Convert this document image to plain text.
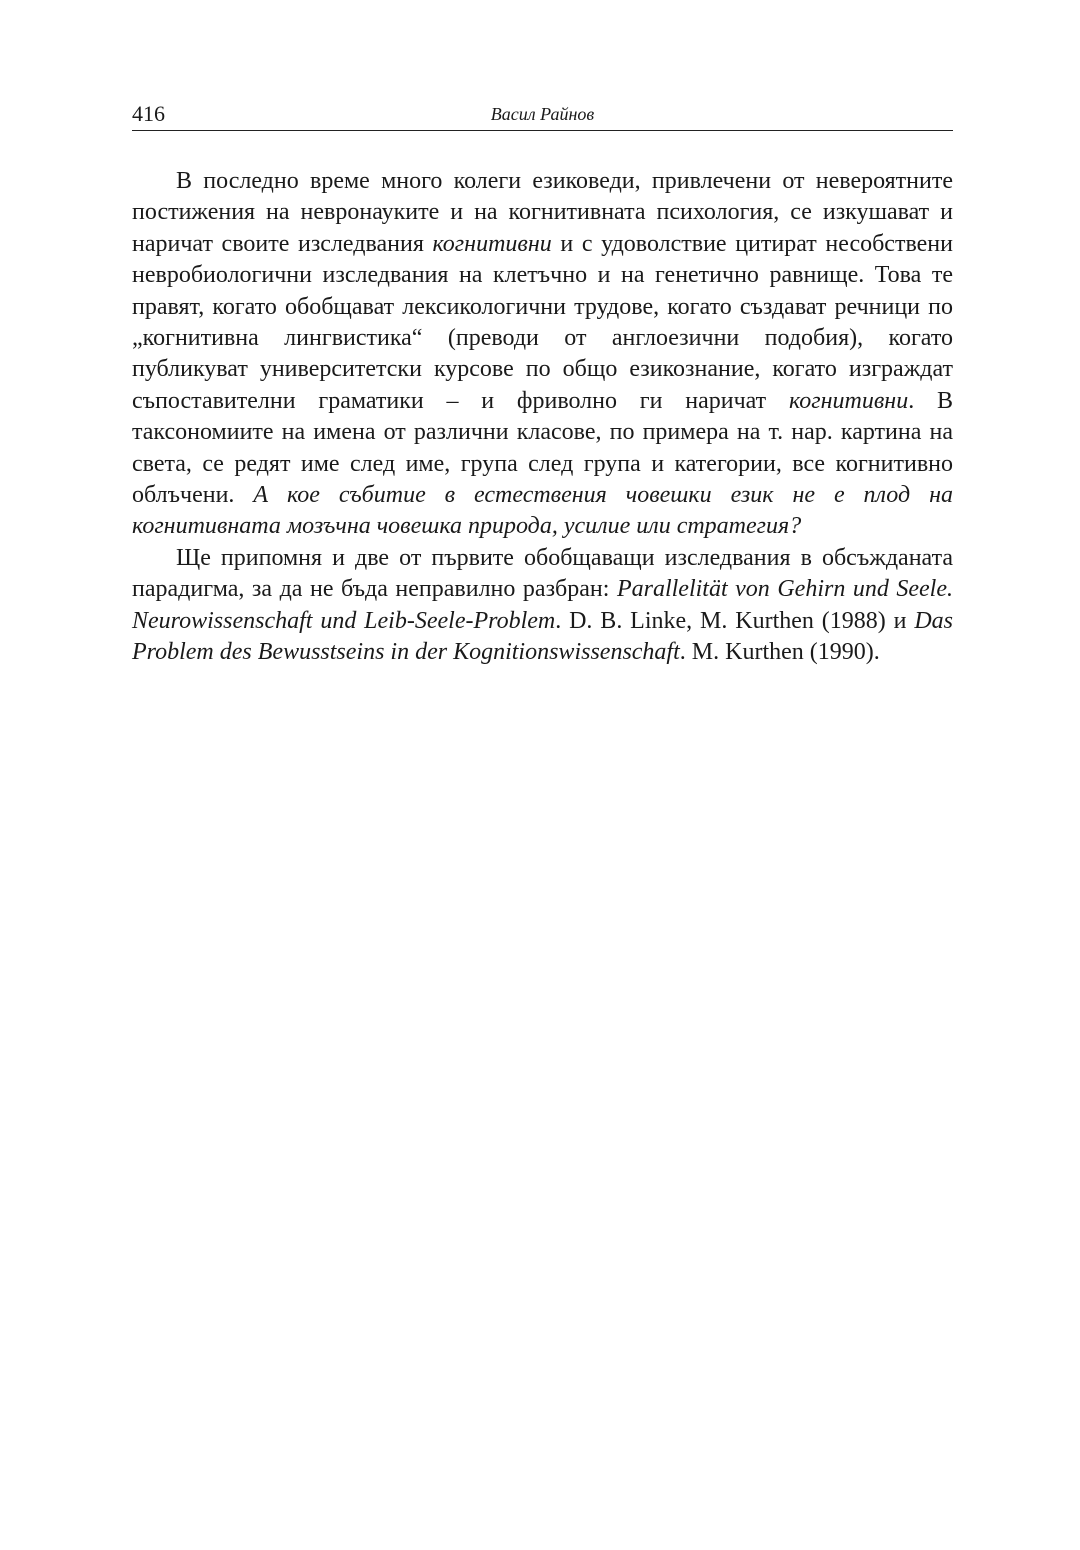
416	Васил Райнов

В последно време много колеги езиковеди, привлечени от невероятните постижения на невронауките и на когнитивната психология, се изкушават и наричат своите изследвания когнитивни и с удоволствие цитират несобствени невробиологични изследвания на клетъчно и на генетично равнище. Това те правят, когато обобщават лексикологични трудове, когато създават речници по „когнитивна лингвистика“ (преводи от англоезични подобия), когато публикуват университетски курсове по общо езикознание, когато изграждат съпоставителни граматики – и фриволно ги наричат когнитивни. В таксономиите на имена от различни класове, по примера на т. нар. картина на света, се редят име след име, група след група и категории, все когнитивно облъчени. А кое събитие в естествения човешки език не е плод на когнитивната мозъчна човешка природа, усилие или стратегия?

Ще припомня и две от първите обобщаващи изследвания в обсъжданата парадигма, за да не бъда неправилно разбран: Parallelität von Gehirn und Seele. Neurowissenschaft und Leib-Seele-Problem. D. B. Linke, M. Kurthen (1988) и Das Problem des Bewusstseins in der Kognitionswissenschaft. M. Kurthen (1990).
